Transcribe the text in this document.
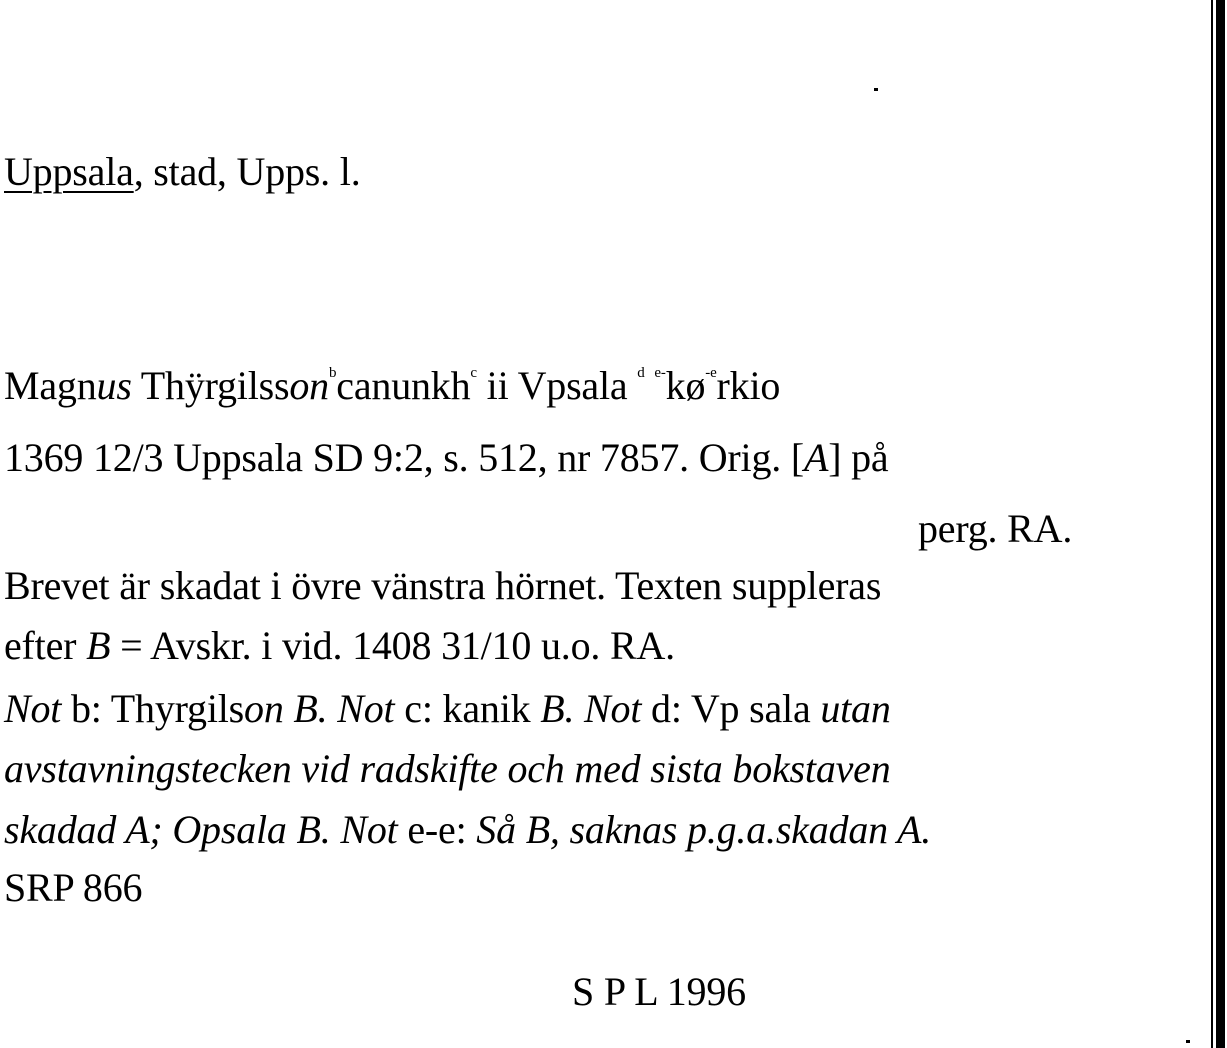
Uppsala, stad, Upps. l.
Magnus Thÿrgilsson$^b$canunkh$^c$ ii Vpsala $^d$ $^{e-}kø^{-e}rkio$
1369 12/3 Uppsala SD 9:2, s. 512, nr 7857. Orig. [A] på
perg. RA.
Brevet är skadat i övre vänstra hörnet. Texten suppleras
efter B = Avskr. i vid. 1408 31/10 u.o. RA.
Not b: Thyrgilson B. Not c: kanik B. Not d: Vp sala utan
avstavningstecken vid radskifte och med sista bokstaven
skadad A; Opsala B. Not e-e: Så B, saknas p.g.a.skadan A.
SRP 866
S P L 1996
